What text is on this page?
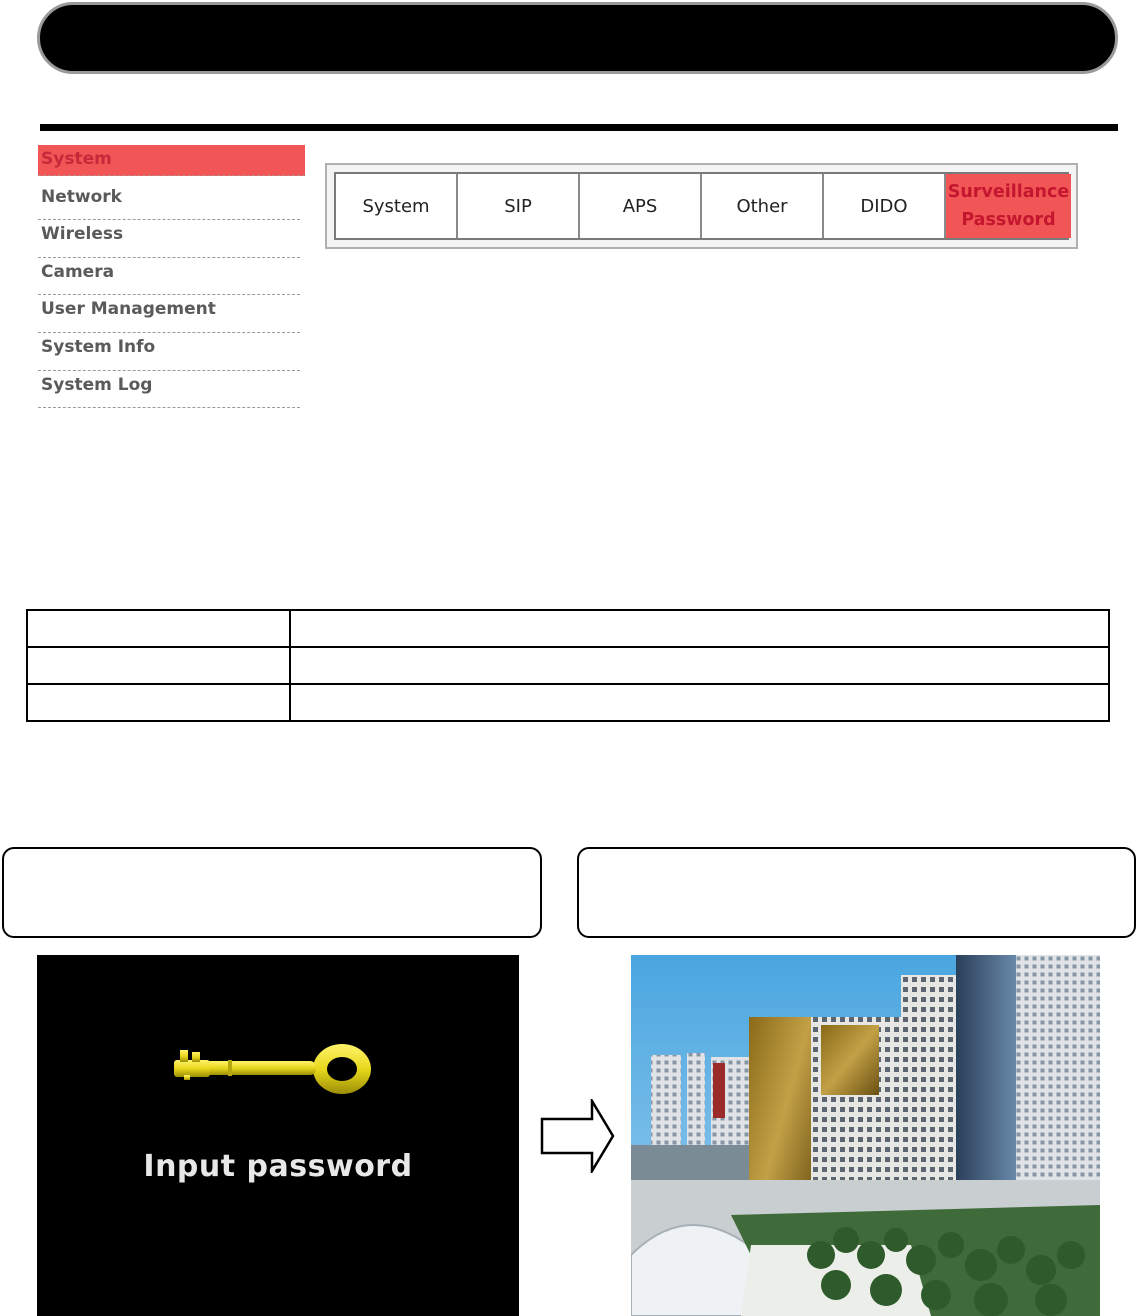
System
Network
Wireless
Camera
User Management
System Info
System Log
System	SIP	APS	Other	DIDO
Surveillance
Password

Input password
